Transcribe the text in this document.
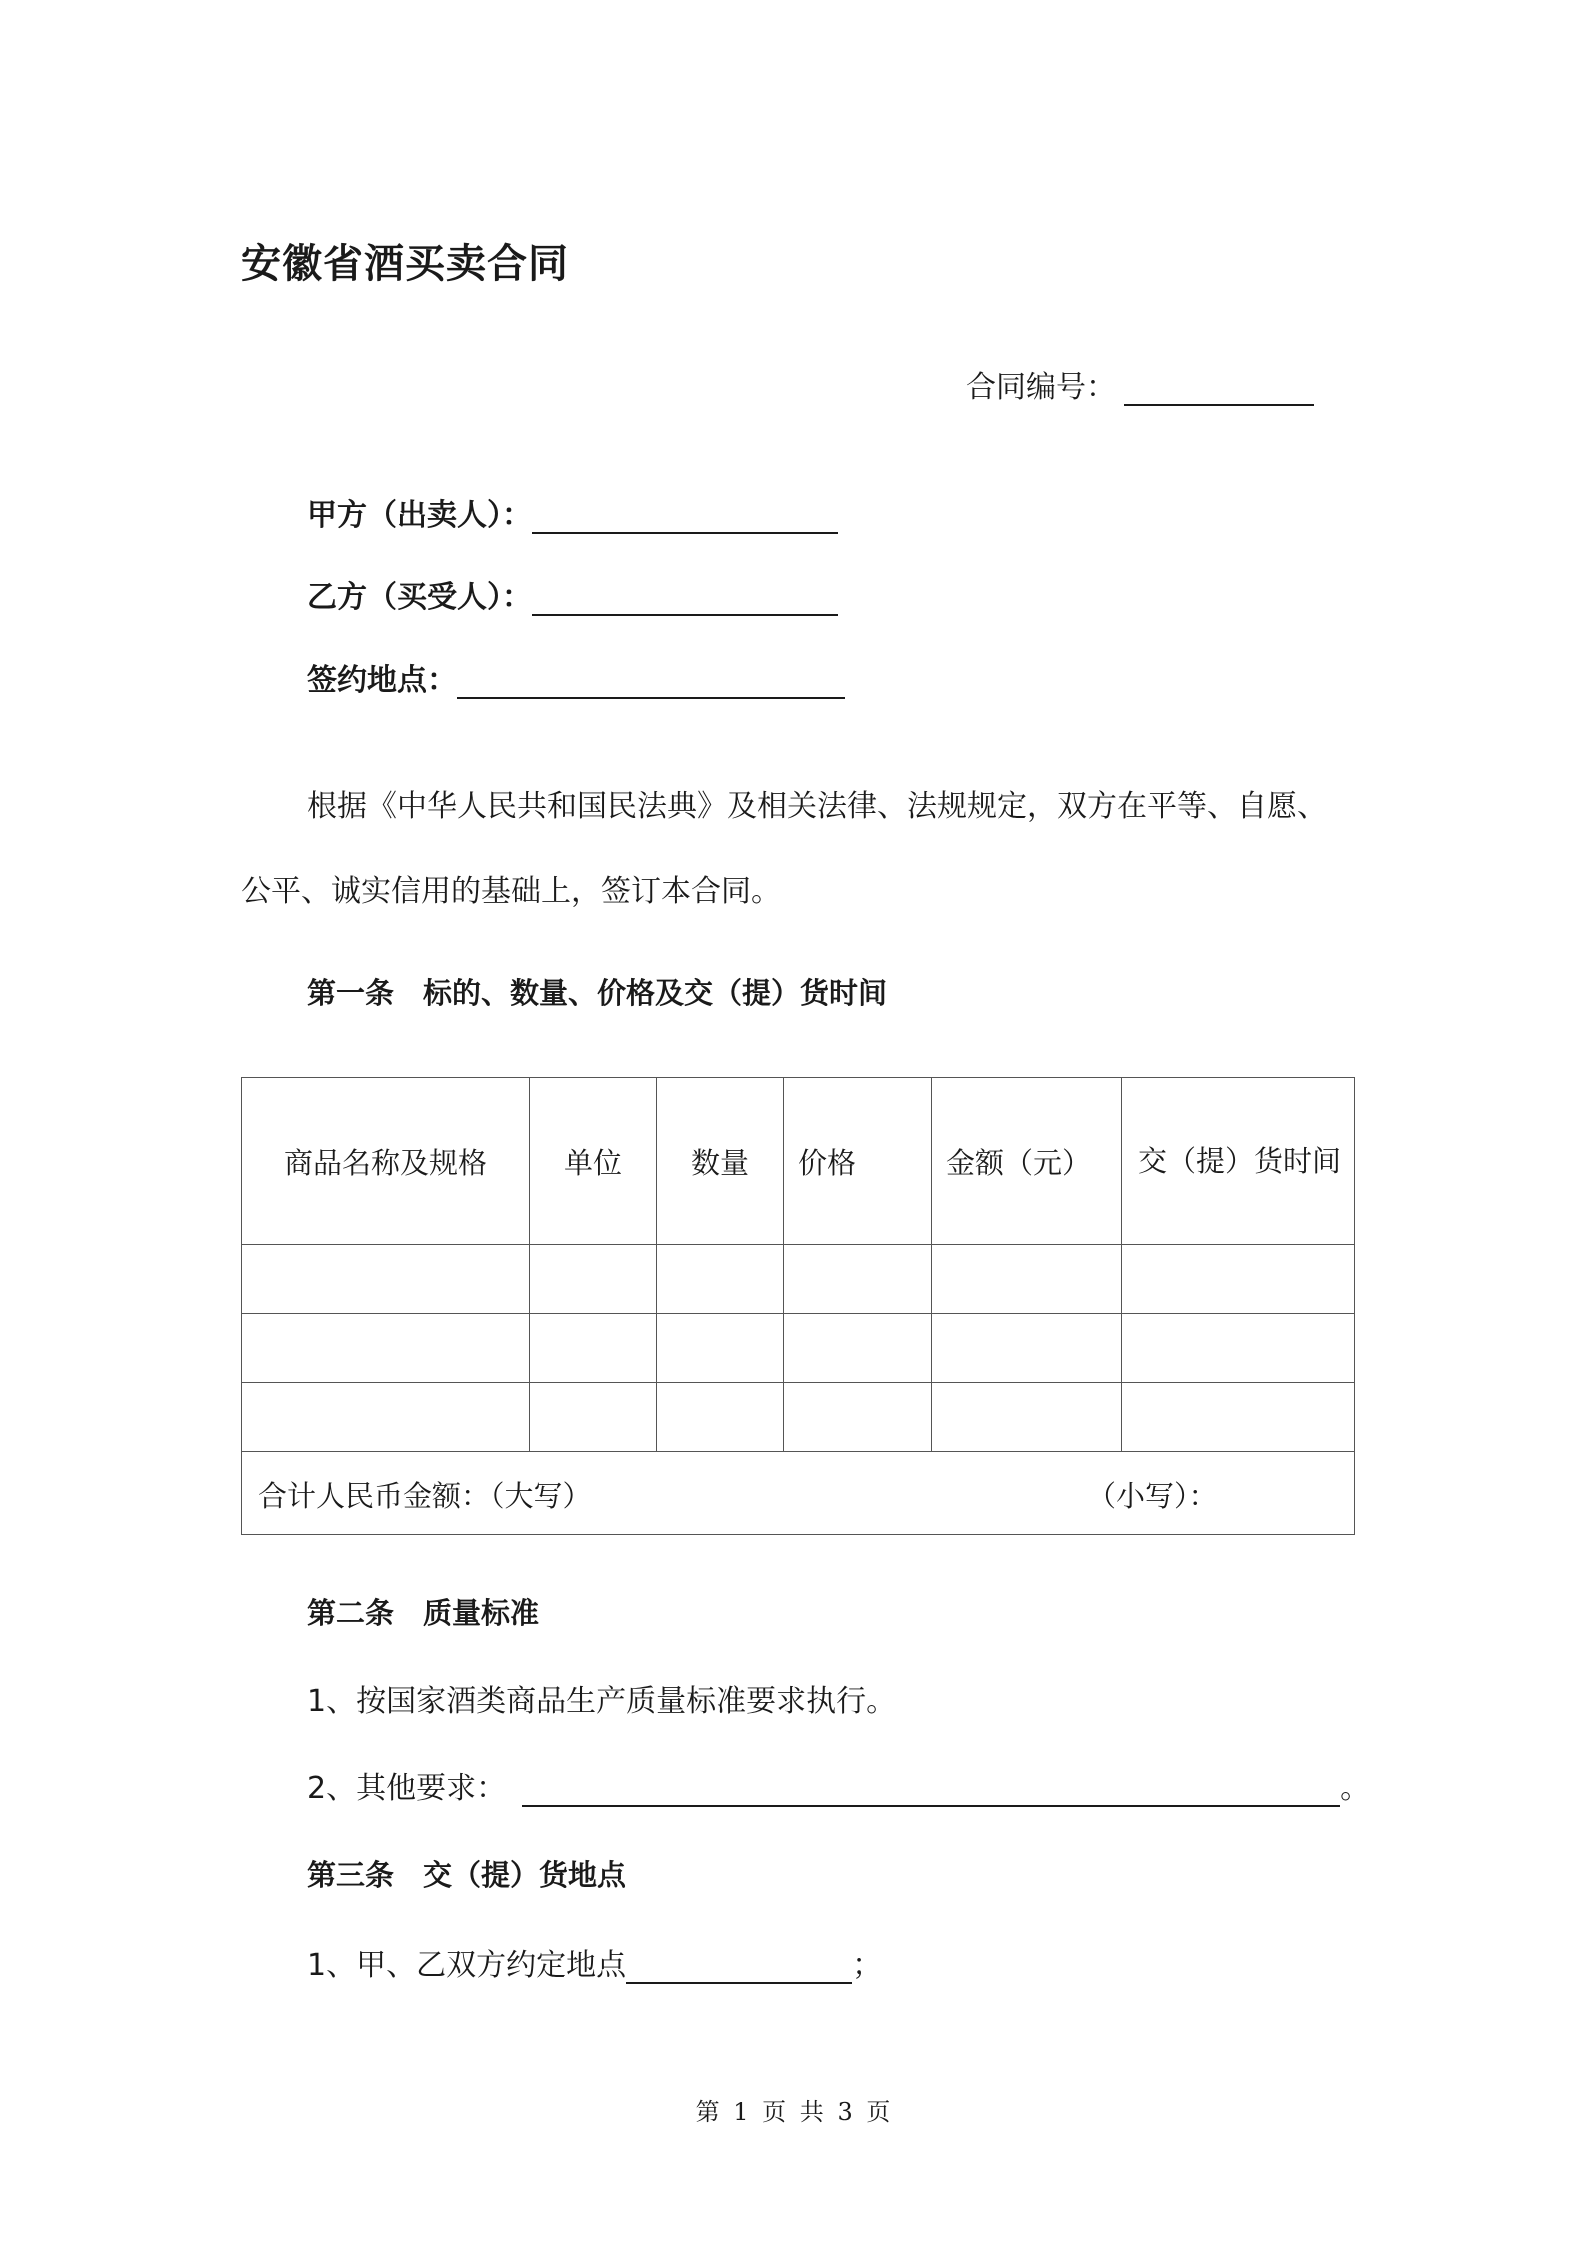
安徽省酒买卖合同
合同编号：
甲方（出卖人）：
乙方（买受人）：
签约地点：
根据《中华人民共和国民法典》及相关法律、法规规定，双方在平等、自愿、
公平、诚实信用的基础上，签订本合同。
第一条　标的、数量、价格及交（提）货时间
商品名称及规格	单位	数量	价格	金额（元）	交（提）货时间

合计人民币金额：（大写） （小写）：					
第二条　质量标准
1、按国家酒类商品生产质量标准要求执行。
2、其他要求：	。
第三条　交（提）货地点
1、甲、乙双方约定地点	；
第 1 页 共 3 页
